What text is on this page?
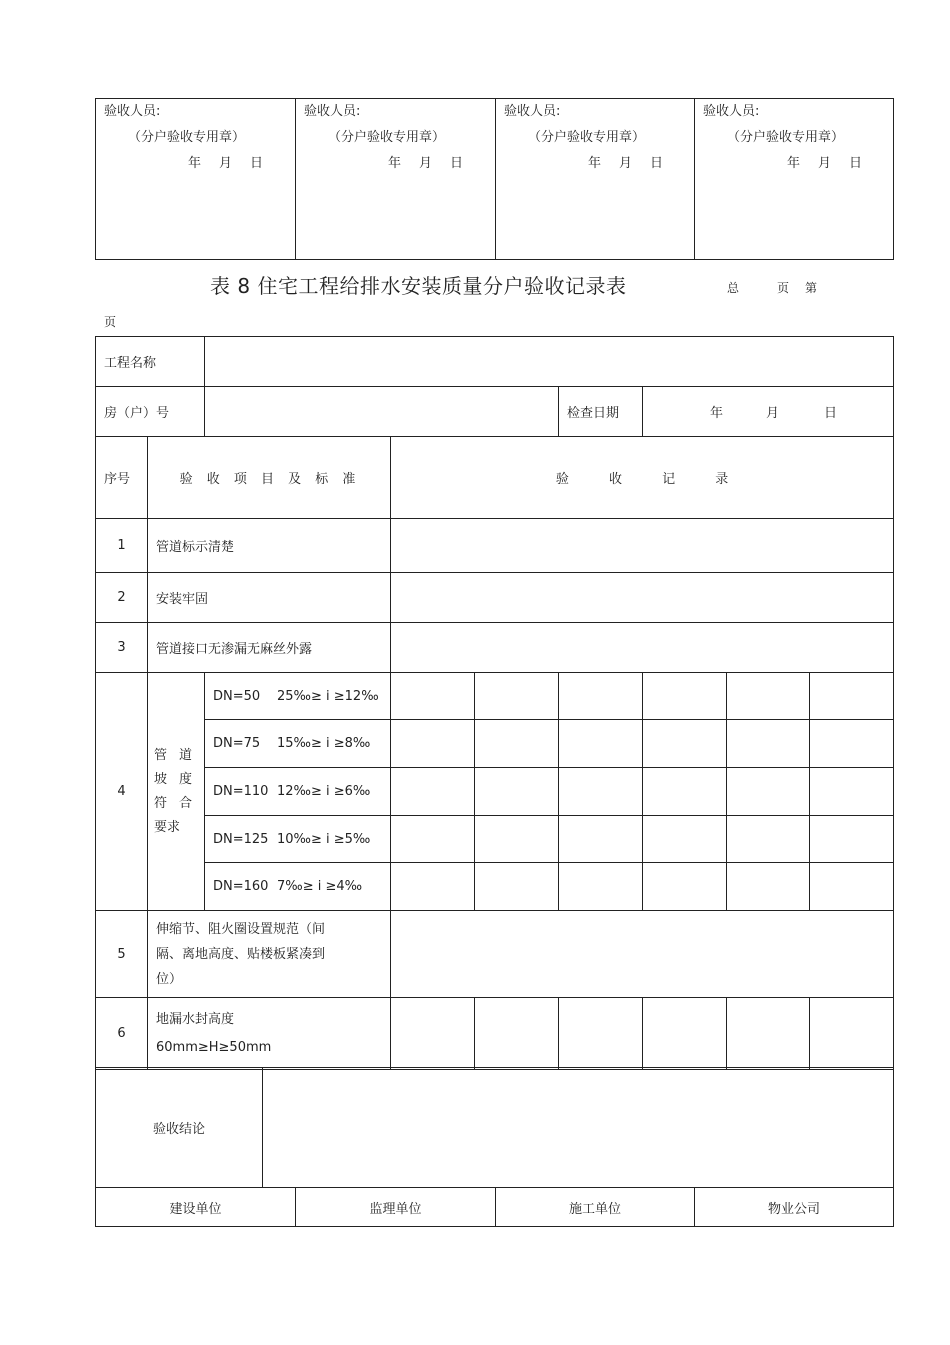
验收人员:
（分户验收专用章）
年 月 日

验收人员:
（分户验收专用章）
年 月 日

验收人员:
（分户验收专用章）
年 月 日

验收人员:
（分户验收专用章）
年 月 日
表 8 住宅工程给排水安装质量分户验收记录表	总	页 第
页
工程名称								
房（户）号					检查日期	年 月 日		
序号	验 收 项 目 及 标 准		验 收 记 录					
1	管道标示清楚							
2	安装牢固							
3	管道接口无渗漏无麻丝外露							
4	管道
坡度
符合
要求	DN=50 25‰≥ i ≥12‰						
		DN=75 15‰≥ i ≥8‰						
		DN=110 12‰≥ i ≥6‰						
		DN=125 10‰≥ i ≥5‰						
		DN=160 7‰≥ i ≥4‰						
5	伸缩节、阻火圈设置规范（间
隔、离地高度、贴楼板紧凑到
位）							

6	地漏水封高度
60mm≥H≥50mm							

验收结论				
建设单位		监理单位	施工单位	物业公司
